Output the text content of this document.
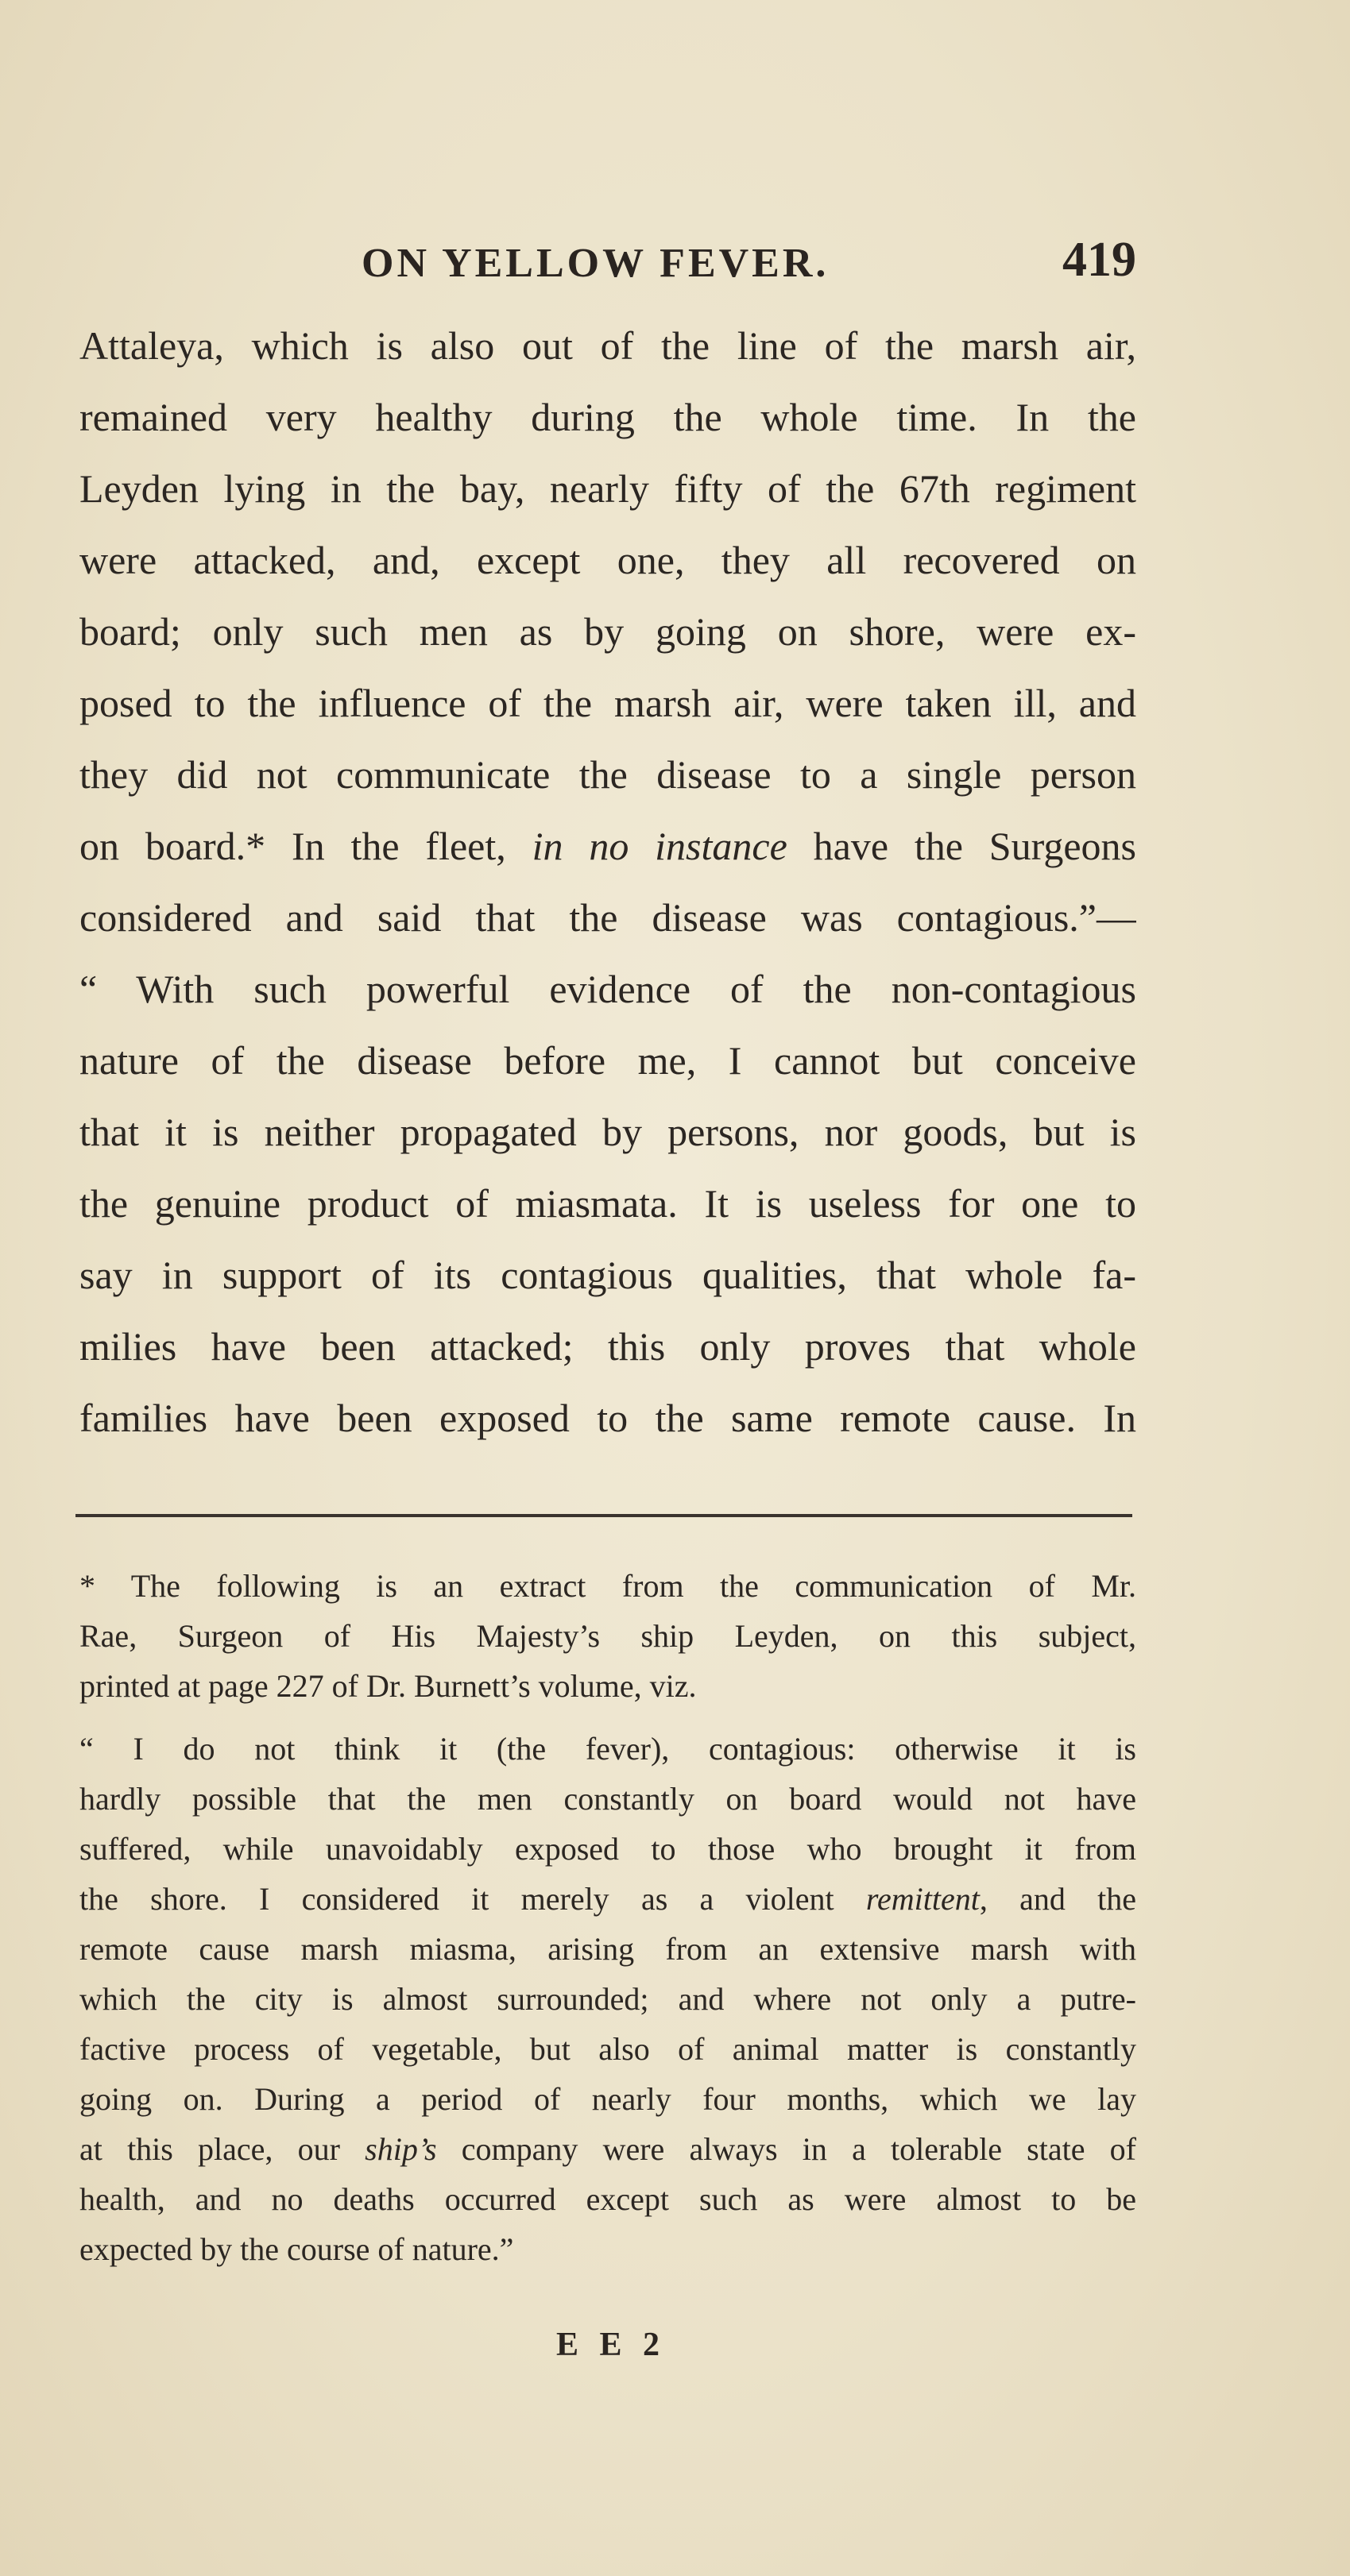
ON YELLOW FEVER.	419
Attaleya, which is also out of the line of the marsh air,
remained very healthy during the whole time. In the
Leyden lying in the bay, nearly fifty of the 67th regiment
were attacked, and, except one, they all recovered on
board; only such men as by going on shore, were ex-
posed to the influence of the marsh air, were taken ill, and
they did not communicate the disease to a single person
on board.* In the fleet, in no instance have the Surgeons
considered and said that the disease was contagious.”—
“ With such powerful evidence of the non-contagious
nature of the disease before me, I cannot but conceive
that it is neither propagated by persons, nor goods, but is
the genuine product of miasmata. It is useless for one to
say in support of its contagious qualities, that whole fa-
milies have been attacked; this only proves that whole
families have been exposed to the same remote cause. In
* The following is an extract from the communication of Mr.
Rae, Surgeon of His Majesty’s ship Leyden, on this subject,
printed at page 227 of Dr. Burnett’s volume, viz.
“ I do not think it (the fever), contagious: otherwise it is
hardly possible that the men constantly on board would not have
suffered, while unavoidably exposed to those who brought it from
the shore. I considered it merely as a violent remittent, and the
remote cause marsh miasma, arising from an extensive marsh with
which the city is almost surrounded; and where not only a putre-
factive process of vegetable, but also of animal matter is constantly
going on. During a period of nearly four months, which we lay
at this place, our ship’s company were always in a tolerable state of
health, and no deaths occurred except such as were almost to be
expected by the course of nature.”
E E 2
